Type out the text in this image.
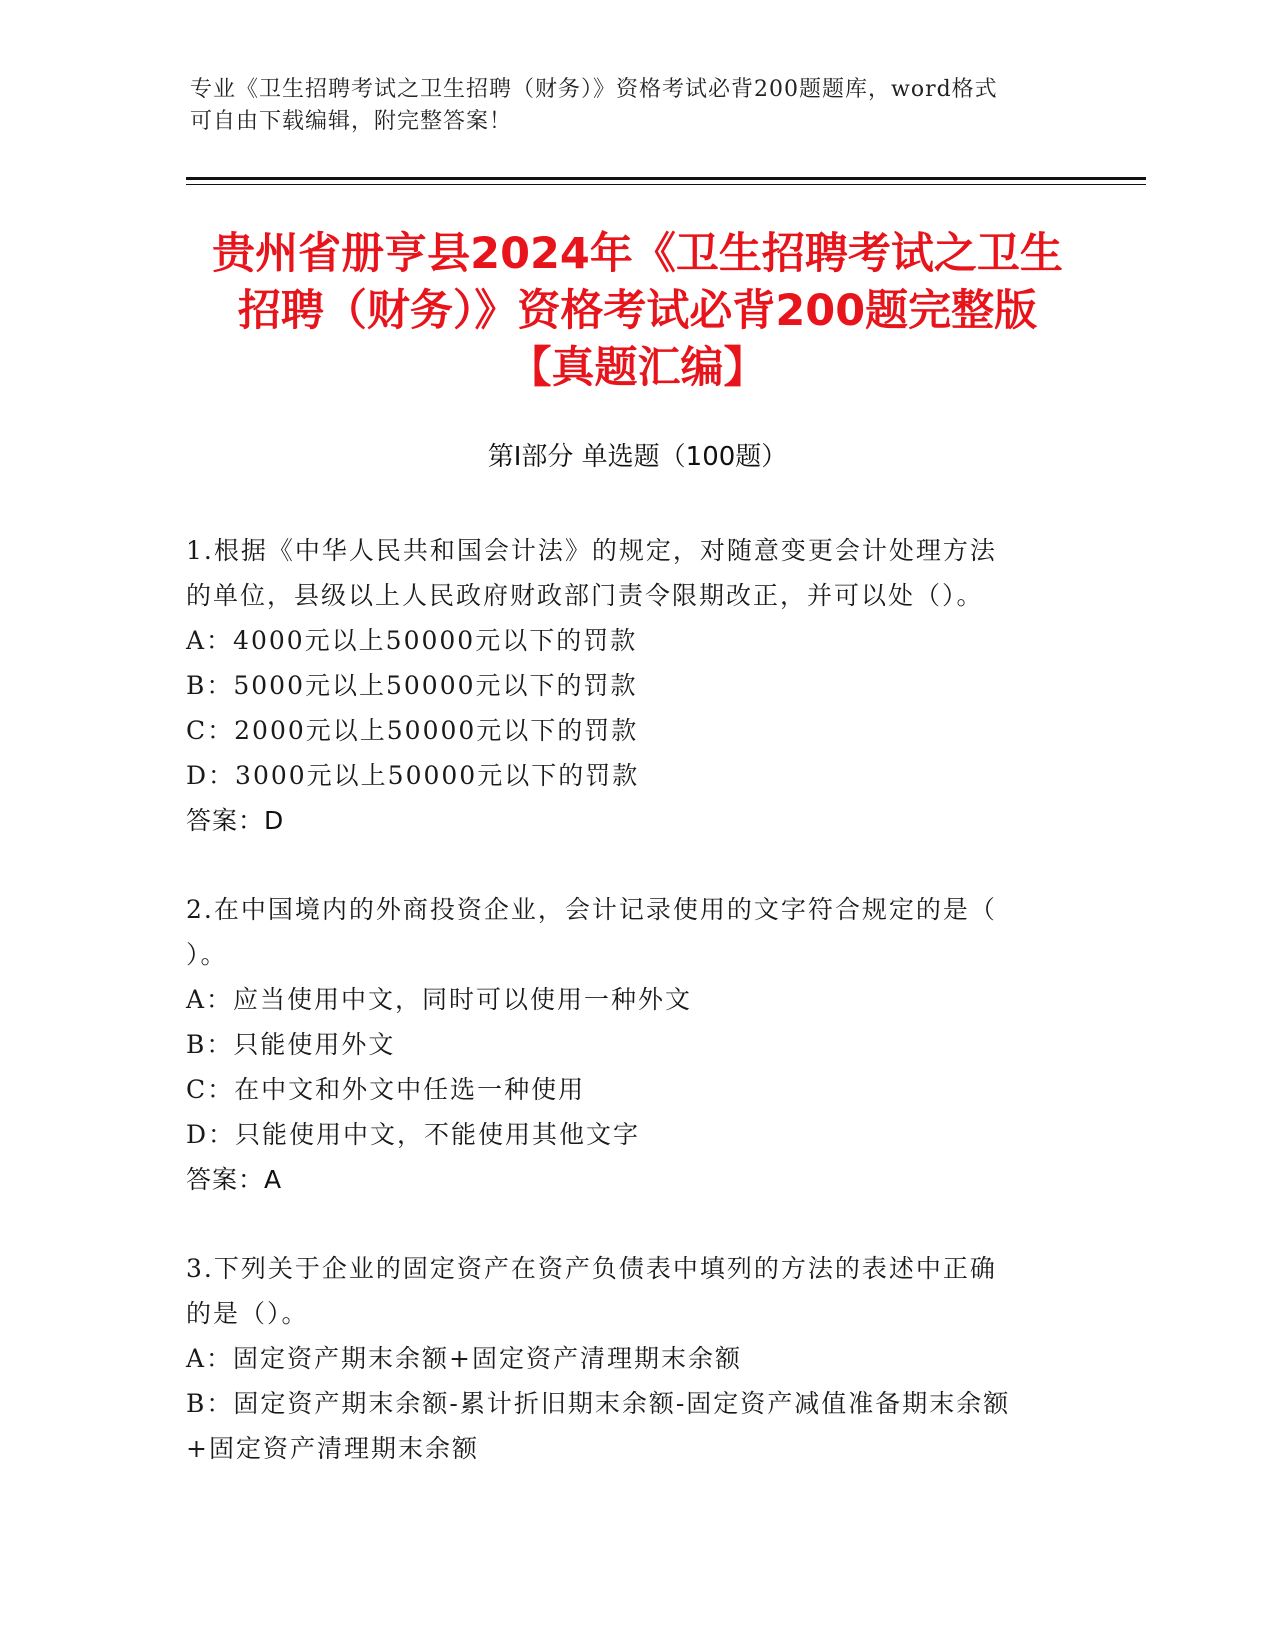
专业《卫生招聘考试之卫生招聘（财务）》资格考试必背200题题库，word格式
可自由下载编辑，附完整答案！
贵州省册亨县2024年《卫生招聘考试之卫生
招聘（财务）》资格考试必背200题完整版
【真题汇编】
第I部分 单选题（100题）
1.根据《中华人民共和国会计法》的规定，对随意变更会计处理方法
的单位，县级以上人民政府财政部门责令限期改正，并可以处（）。
A：4000元以上50000元以下的罚款
B：5000元以上50000元以下的罚款
C：2000元以上50000元以下的罚款
D：3000元以上50000元以下的罚款
答案：D
2.在中国境内的外商投资企业，会计记录使用的文字符合规定的是（
）。
A：应当使用中文，同时可以使用一种外文
B：只能使用外文
C：在中文和外文中任选一种使用
D：只能使用中文，不能使用其他文字
答案：A
3.下列关于企业的固定资产在资产负债表中填列的方法的表述中正确
的是（）。
A：固定资产期末余额+固定资产清理期末余额
B：固定资产期末余额-累计折旧期末余额-固定资产减值准备期末余额
+固定资产清理期末余额
